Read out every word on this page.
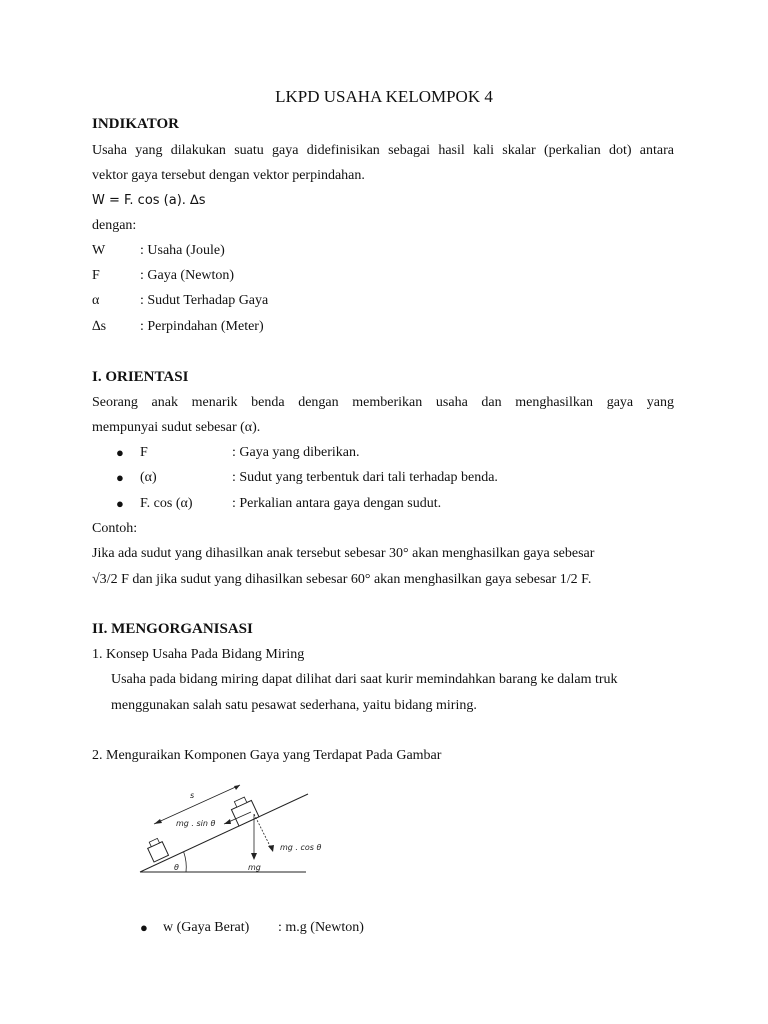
LKPD USAHA KELOMPOK 4
INDIKATOR
Usaha yang dilakukan suatu gaya didefinisikan sebagai hasil kali skalar (perkalian dot) antara
vektor gaya tersebut dengan vektor perpindahan.
W = F. cos (a). ∆s
dengan:
W : Usaha (Joule)
F	: Gaya (Newton)
α	: Sudut Terhadap Gaya
∆s : Perpindahan (Meter)
I. ORIENTASI
Seorang anak menarik benda dengan memberikan usaha dan menghasilkan gaya yang
mempunyai sudut sebesar (α).
● F	: Gaya yang diberikan.
● (α)	: Sudut yang terbentuk dari tali terhadap benda.
● F. cos (α)	: Perkalian antara gaya dengan sudut.
Contoh:
Jika ada sudut yang dihasilkan anak tersebut sebesar 30° akan menghasilkan gaya sebesar
√3/2 F dan jika sudut yang dihasilkan sebesar 60° akan menghasilkan gaya sebesar 1/2 F.
II. MENGORGANISASI
1. Konsep Usaha Pada Bidang Miring
Usaha pada bidang miring dapat dilihat dari saat kurir memindahkan barang ke dalam truk
menggunakan salah satu pesawat sederhana, yaitu bidang miring.
2. Menguraikan Komponen Gaya yang Terdapat Pada Gambar
s
mg . sin θ
mg . cos θ
mg
θ
● w (Gaya Berat) : m.g (Newton)
